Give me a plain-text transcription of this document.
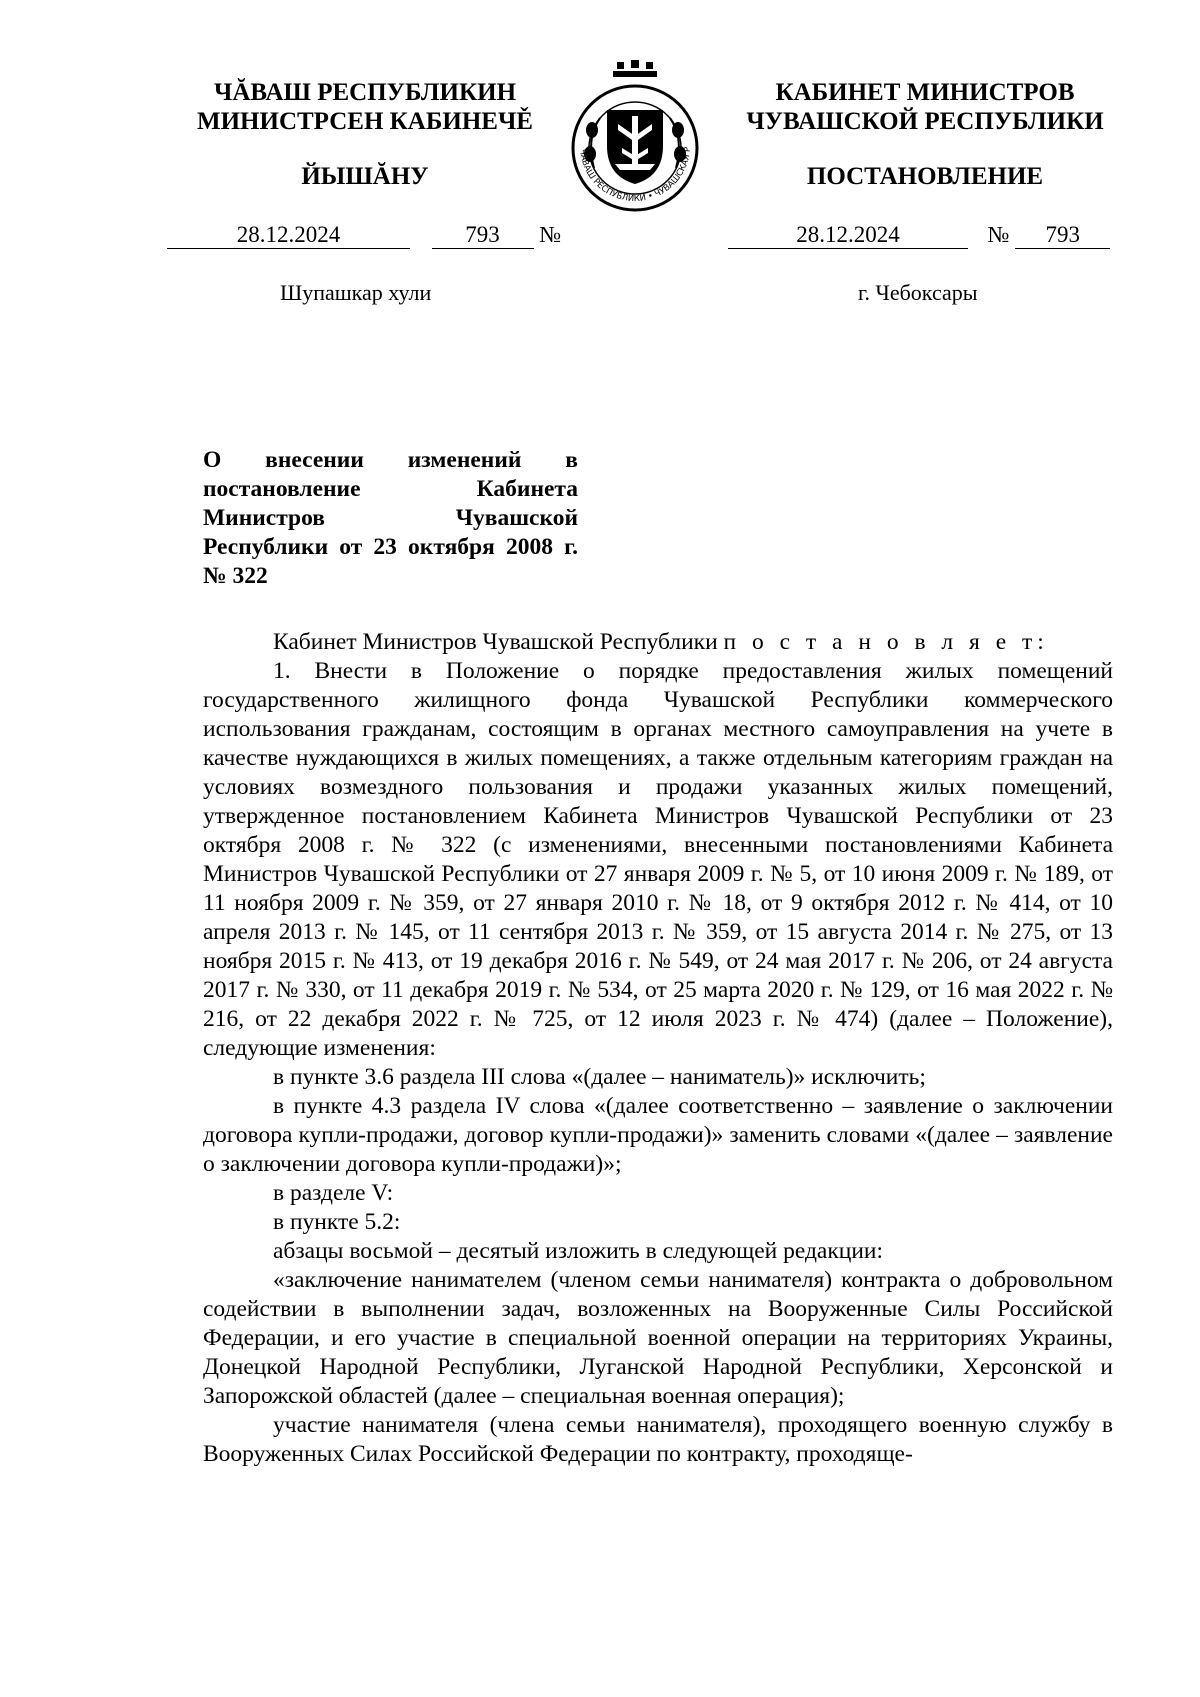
ЧĂВАШ РЕСПУБЛИКИН
МИНИСТРСЕН КАБИНЕЧĚ
ЙЫШĂНУ
КАБИНЕТ МИНИСТРОВ
ЧУВАШСКОЙ РЕСПУБЛИКИ
ПОСТАНОВЛЕНИЕ
ЧĂВАШ РЕСПУБЛИКИ • ЧУВАШСКАЯ Р
28.12.2024	793 №	28.12.2024	№ 793
Шупашкар хули	г. Чебоксары
О внесении изменений в постановление Кабинета Министров Чувашской Республики от 23 октября 2008 г. № 322

Кабинет Министров Чувашской Республики п о с т а н о в л я е т:

1. Внести в Положение о порядке предоставления жилых помещений государственного жилищного фонда Чувашской Республики коммерческого использования гражданам, состоящим в органах местного самоуправления на учете в качестве нуждающихся в жилых помещениях, а также отдельным категориям граждан на условиях возмездного пользования и продажи указанных жилых помещений, утвержденное постановлением Кабинета Министров Чувашской Республики от 23 октября 2008 г. № 322 (с изменениями, внесенными постановлениями Кабинета Министров Чувашской Республики от 27 января 2009 г. № 5, от 10 июня 2009 г. № 189, от 11 ноября 2009 г. № 359, от 27 января 2010 г. № 18, от 9 октября 2012 г. № 414, от 10 апреля 2013 г. № 145, от 11 сентября 2013 г. № 359, от 15 августа 2014 г. № 275, от 13 ноября 2015 г. № 413, от 19 декабря 2016 г. № 549, от 24 мая 2017 г. № 206, от 24 августа 2017 г. № 330, от 11 декабря 2019 г. № 534, от 25 марта 2020 г. № 129, от 16 мая 2022 г. № 216, от 22 декабря 2022 г. № 725, от 12 июля 2023 г. № 474) (далее – Положение), следующие изменения:

в пункте 3.6 раздела III слова «(далее – наниматель)» исключить;

в пункте 4.3 раздела IV слова «(далее соответственно – заявление о заключении договора купли-продажи, договор купли-продажи)» заменить словами «(далее – заявление о заключении договора купли-продажи)»;

в разделе V:

в пункте 5.2:

абзацы восьмой – десятый изложить в следующей редакции:

«заключение нанимателем (членом семьи нанимателя) контракта о добровольном содействии в выполнении задач, возложенных на Вооруженные Силы Российской Федерации, и его участие в специальной военной операции на территориях Украины, Донецкой Народной Республики, Луганской Народной Республики, Херсонской и Запорожской областей (далее – специальная военная операция);

участие нанимателя (члена семьи нанимателя), проходящего военную службу в Вооруженных Силах Российской Федерации по контракту, проходяще-
